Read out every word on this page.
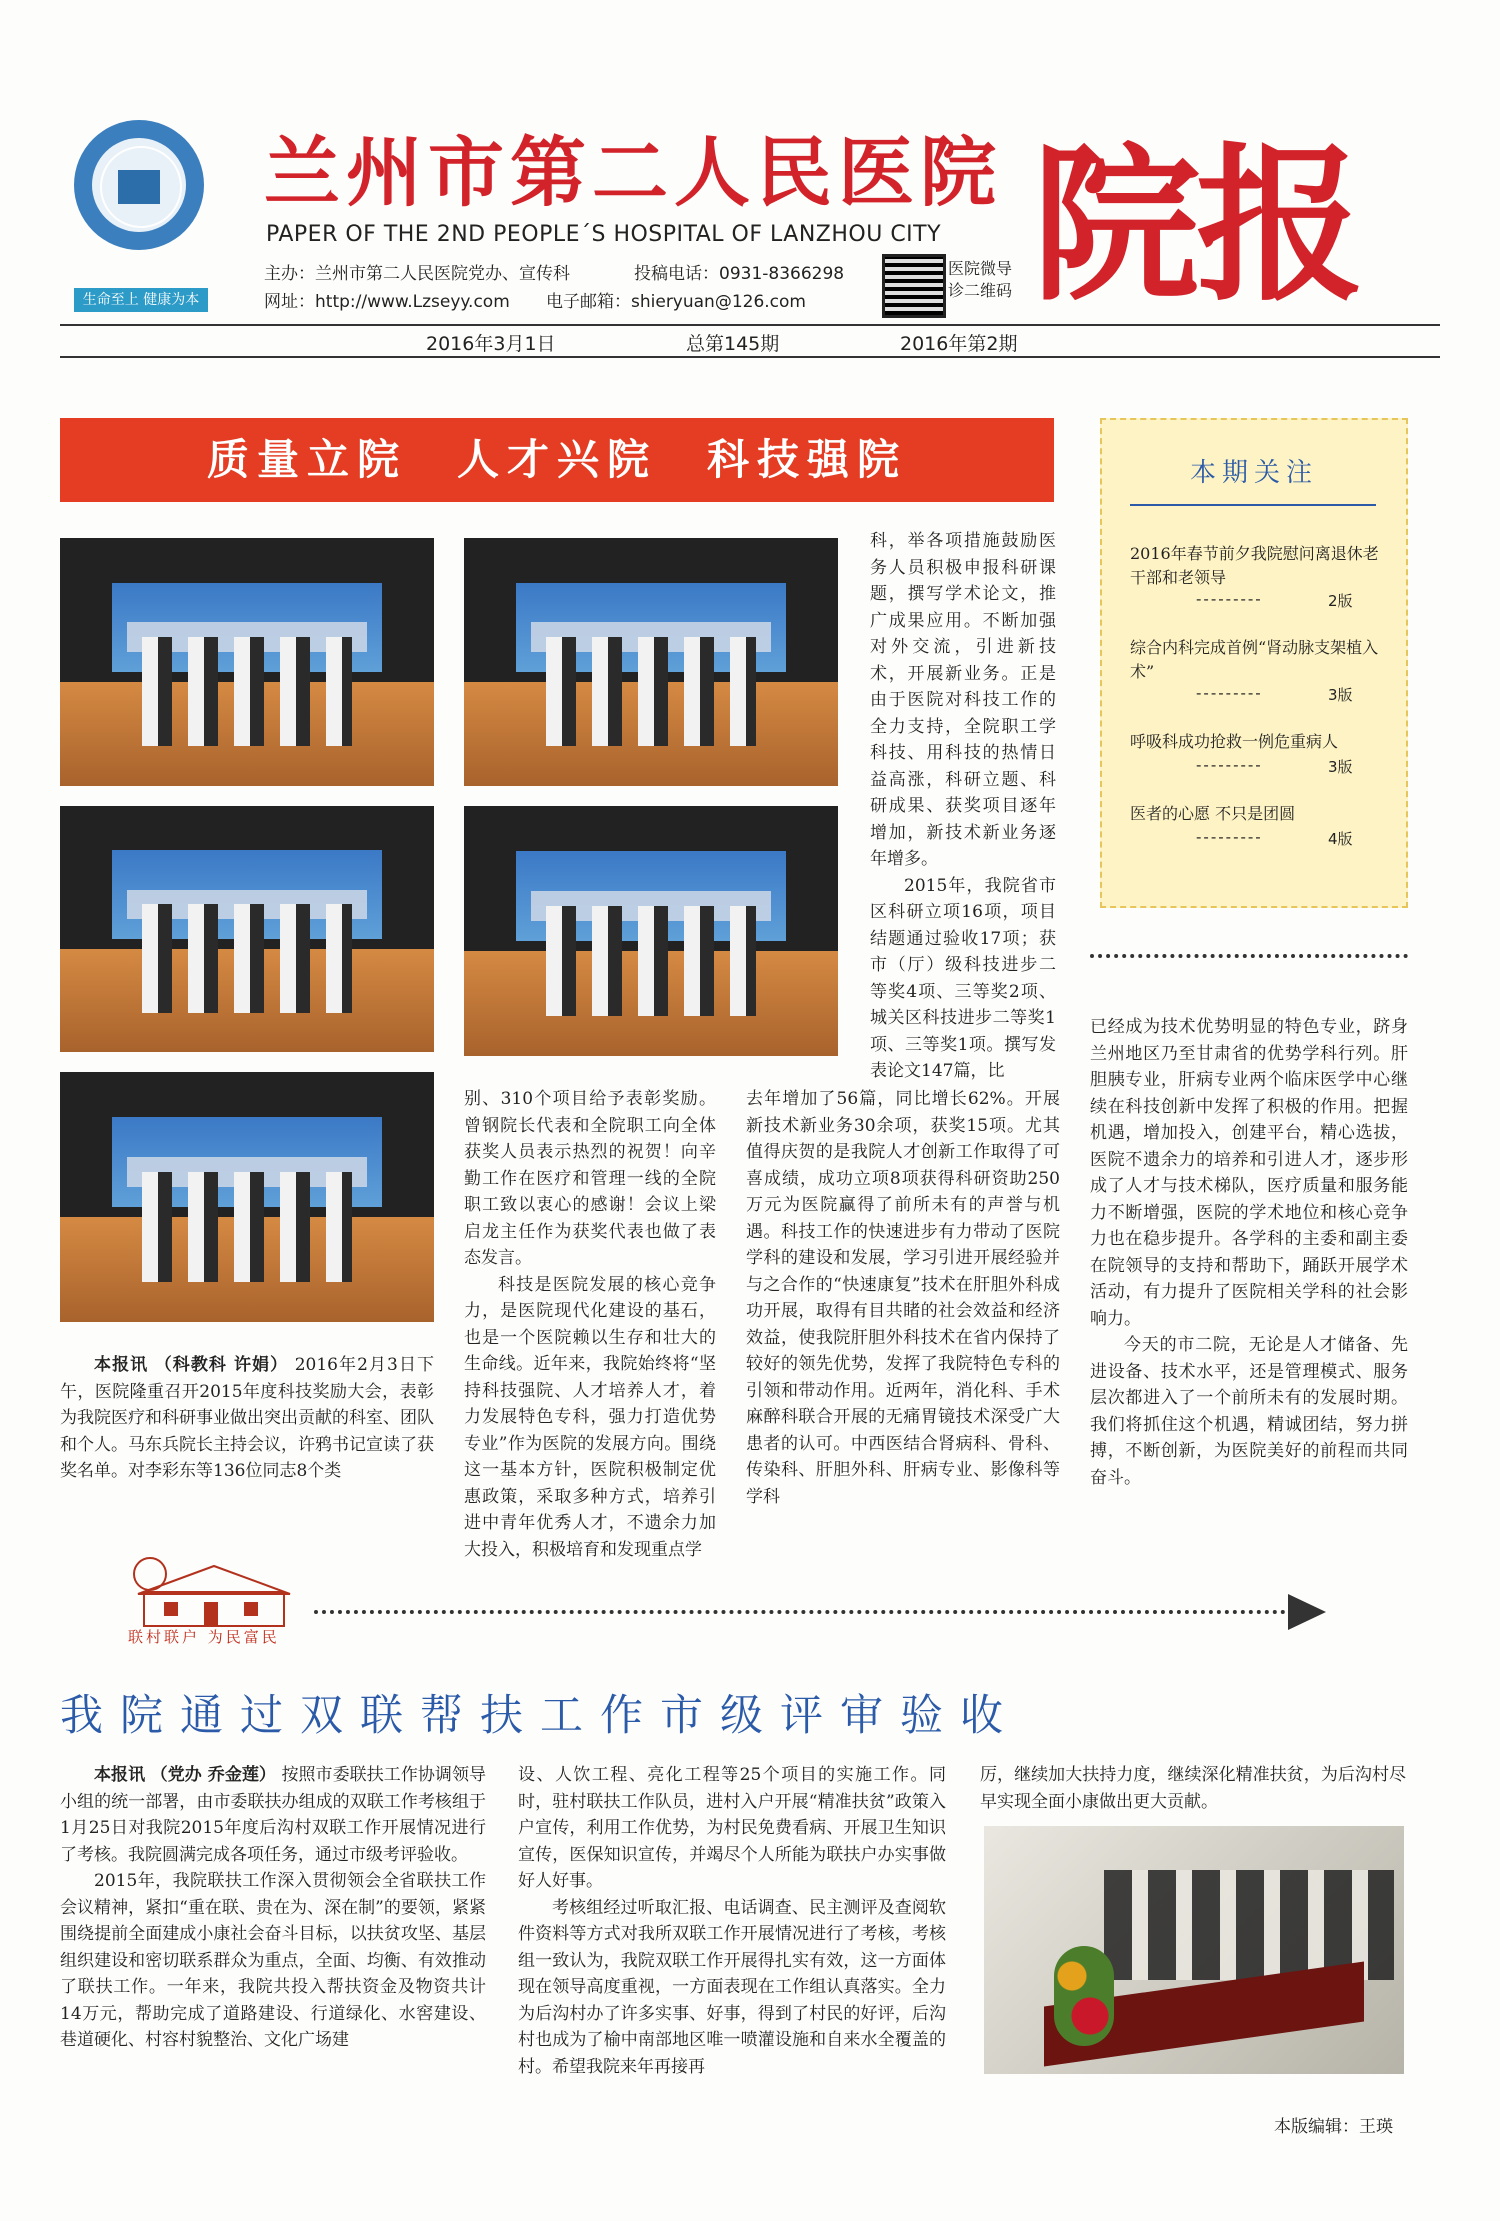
生命至上 健康为本
兰州市第二人民医院
PAPER OF THE 2ND PEOPLE´S HOSPITAL OF LANZHOU CITY
主办：兰州市第二人民医院党办、宣传科	投稿电话：0931-8366298
网址：http://www.Lzseyy.com 电子邮箱：shieryuan@126.com
医院微导
诊二维码 院报
2016年3月1日	总第145期	2016年第2期
质量立院　人才兴院　科技强院

本报讯 （科教科 许娟） 2016年2月3日下午，医院隆重召开2015年度科技奖励大会，表彰为我院医疗和科研事业做出突出贡献的科室、团队和个人。马东兵院长主持会议，许鸦书记宣读了获奖名单。对李彩东等136位同志8个类

别、310个项目给予表彰奖励。曾钢院长代表和全院职工向全体获奖人员表示热烈的祝贺！向辛勤工作在医疗和管理一线的全院职工致以衷心的感谢！会议上梁启龙主任作为获奖代表也做了表态发言。

科技是医院发展的核心竞争力，是医院现代化建设的基石，也是一个医院赖以生存和壮大的生命线。近年来，我院始终将“坚持科技强院、人才培养人才，着力发展特色专科，强力打造优势专业”作为医院的发展方向。围绕这一基本方针，医院积极制定优惠政策，采取多种方式，培养引进中青年优秀人才，不遗余力加大投入，积极培育和发现重点学

科，举各项措施鼓励医务人员积极申报科研课题，撰写学术论文，推广成果应用。不断加强对外交流，引进新技术，开展新业务。正是由于医院对科技工作的全力支持，全院职工学科技、用科技的热情日益高涨，科研立题、科研成果、获奖项目逐年增加，新技术新业务逐年增多。

2015年，我院省市区科研立项16项，项目结题通过验收17项；获市（厅）级科技进步二等奖4项、三等奖2项、城关区科技进步二等奖1项、三等奖1项。撰写发表论文147篇，比

去年增加了56篇，同比增长62%。开展新技术新业务30余项，获奖15项。尤其值得庆贺的是我院人才创新工作取得了可喜成绩，成功立项8项获得科研资助250万元为医院赢得了前所未有的声誉与机遇。科技工作的快速进步有力带动了医院学科的建设和发展，学习引进开展经验并与之合作的“快速康复”技术在肝胆外科成功开展，取得有目共睹的社会效益和经济效益，使我院肝胆外科技术在省内保持了较好的领先优势，发挥了我院特色专科的引领和带动作用。近两年，消化科、手术麻醉科联合开展的无痛胃镜技术深受广大患者的认可。中西医结合肾病科、骨科、传染科、肝胆外科、肝病专业、影像科等学科

已经成为技术优势明显的特色专业，跻身兰州地区乃至甘肃省的优势学科行列。肝胆胰专业，肝病专业两个临床医学中心继续在科技创新中发挥了积极的作用。把握机遇，增加投入，创建平台，精心选拔，医院不遗余力的培养和引进人才，逐步形成了人才与技术梯队，医疗质量和服务能力不断增强，医院的学术地位和核心竞争力也在稳步提升。各学科的主委和副主委在院领导的支持和帮助下，踊跃开展学术活动，有力提升了医院相关学科的社会影响力。

今天的市二院，无论是人才储备、先进设备、技术水平，还是管理模式、服务层次都进入了一个前所未有的发展时期。我们将抓住这个机遇，精诚团结，努力拼搏，不断创新，为医院美好的前程而共同奋斗。

本期关注
2016年春节前夕我院慰问离退休老干部和老领导
---------	2版
综合内科完成首例“肾动脉支架植入术”
---------	3版
呼吸科成功抢救一例危重病人
---------	3版
医者的心愿 不只是团圆
---------	4版
联村联户 为民富民
我院通过双联帮扶工作市级评审验收

本报讯 （党办 乔金莲） 按照市委联扶工作协调领导小组的统一部署，由市委联扶办组成的双联工作考核组于1月25日对我院2015年度后沟村双联工作开展情况进行了考核。我院圆满完成各项任务，通过市级考评验收。

2015年，我院联扶工作深入贯彻领会全省联扶工作会议精神，紧扣“重在联、贵在为、深在制”的要领，紧紧围绕提前全面建成小康社会奋斗目标，以扶贫攻坚、基层组织建设和密切联系群众为重点，全面、均衡、有效推动了联扶工作。一年来，我院共投入帮扶资金及物资共计14万元，帮助完成了道路建设、行道绿化、水窖建设、巷道硬化、村容村貌整治、文化广场建

设、人饮工程、亮化工程等25个项目的实施工作。同时，驻村联扶工作队员，进村入户开展“精准扶贫”政策入户宣传，利用工作优势，为村民免费看病、开展卫生知识宣传，医保知识宣传，并竭尽个人所能为联扶户办实事做好人好事。

考核组经过听取汇报、电话调查、民主测评及查阅软件资料等方式对我所双联工作开展情况进行了考核，考核组一致认为，我院双联工作开展得扎实有效，这一方面体现在领导高度重视，一方面表现在工作组认真落实。全力为后沟村办了许多实事、好事，得到了村民的好评，后沟村也成为了榆中南部地区唯一喷灌设施和自来水全覆盖的村。希望我院来年再接再

厉，继续加大扶持力度，继续深化精准扶贫，为后沟村尽早实现全面小康做出更大贡献。

本版编辑：王瑛
